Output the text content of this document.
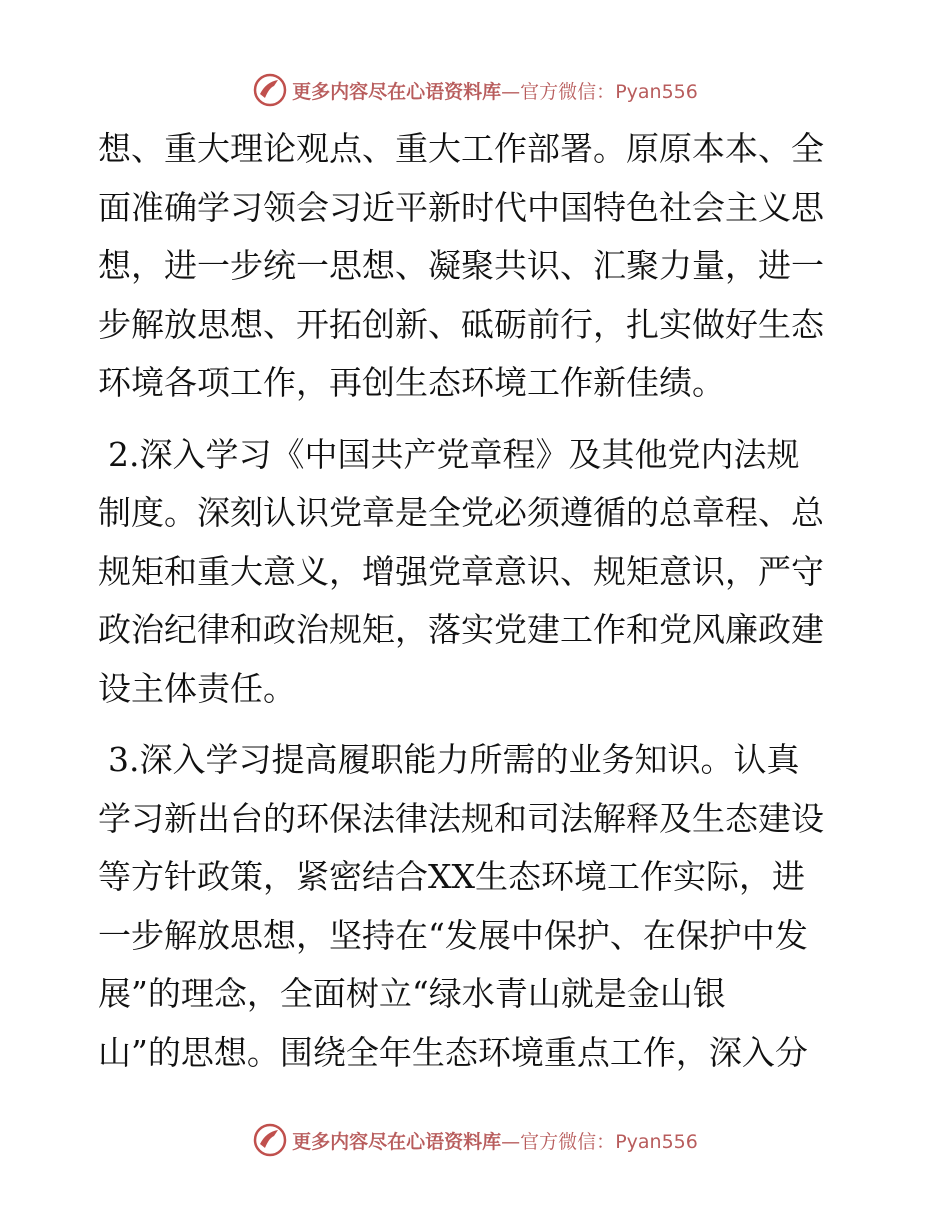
更多内容尽在心语资料库—官方微信：Pyan556
想、重大理论观点、重大工作部署。原原本本、全
面准确学习领会习近平新时代中国特色社会主义思
想，进一步统一思想、凝聚共识、汇聚力量，进一
步解放思想、开拓创新、砥砺前行，扎实做好生态
环境各项工作，再创生态环境工作新佳绩。
2.深入学习《中国共产党章程》及其他党内法规
制度。深刻认识党章是全党必须遵循的总章程、总
规矩和重大意义，增强党章意识、规矩意识，严守
政治纪律和政治规矩，落实党建工作和党风廉政建
设主体责任。
3.深入学习提高履职能力所需的业务知识。认真
学习新出台的环保法律法规和司法解释及生态建设
等方针政策，紧密结合XX生态环境工作实际，进
一步解放思想，坚持在“发展中保护、在保护中发
展”的理念，全面树立“绿水青山就是金山银
山”的思想。围绕全年生态环境重点工作，深入分
更多内容尽在心语资料库—官方微信：Pyan556
